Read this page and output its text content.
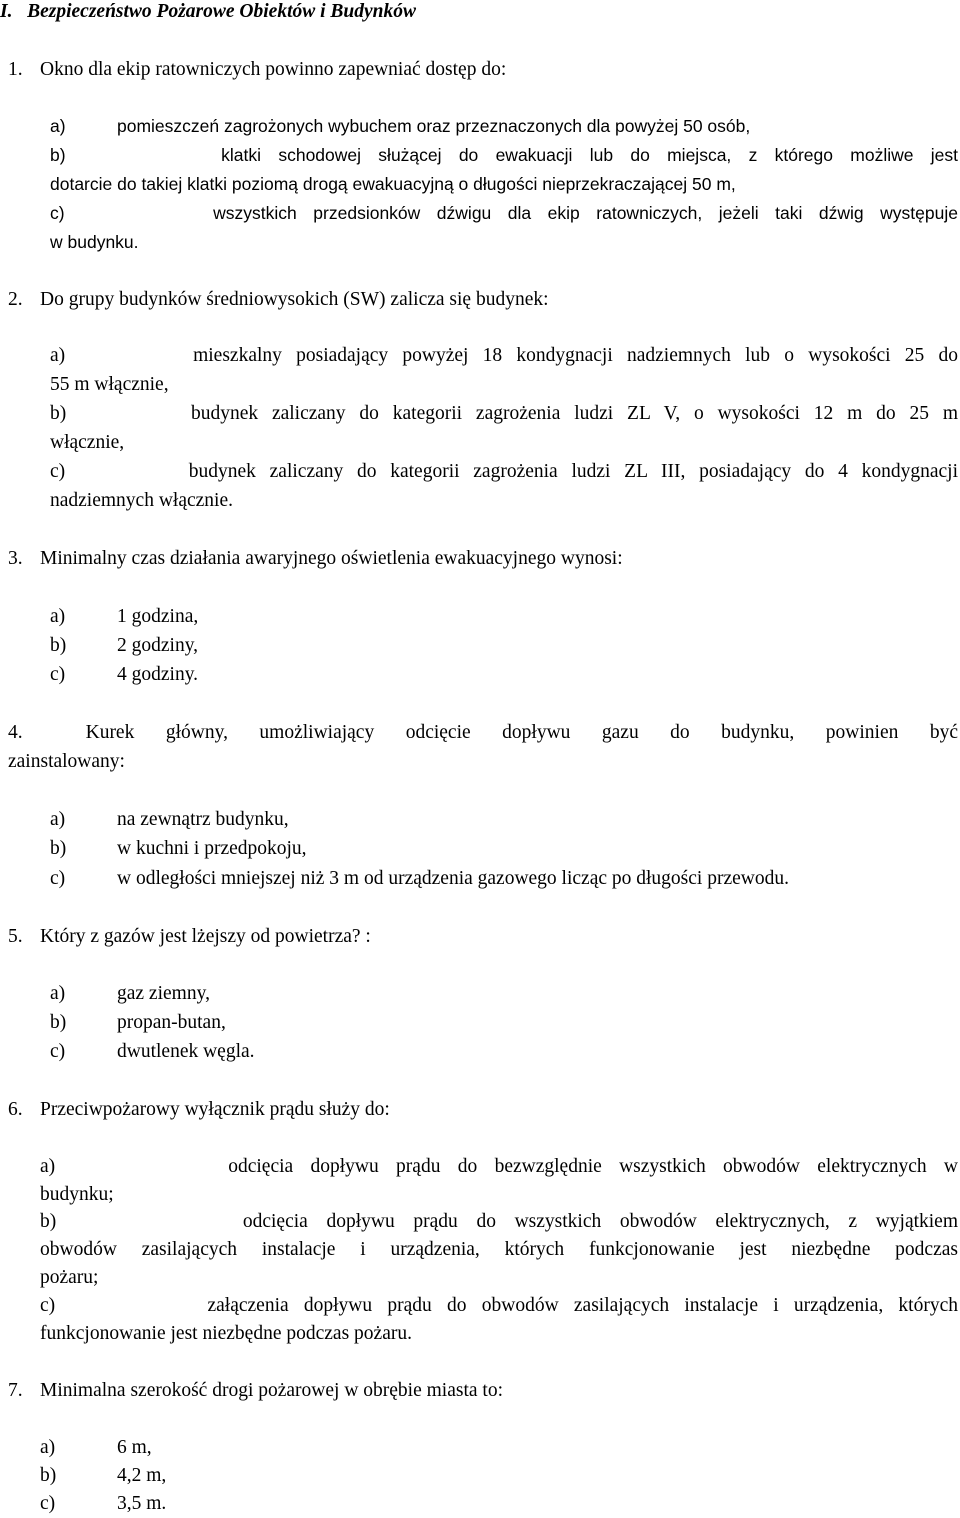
I. Bezpieczeństwo Pożarowe Obiektów i Budynków
1. Okno dla ekip ratowniczych powinno zapewniać dostęp do:
a)	pomieszczeń zagrożonych wybuchem oraz przeznaczonych dla powyżej 50 osób,
b)	klatki schodowej służącej do ewakuacji lub do miejsca, z którego możliwe jest
dotarcie do takiej klatki poziomą drogą ewakuacyjną o długości nieprzekraczającej 50 m,
c)	wszystkich przedsionków dźwigu dla ekip ratowniczych, jeżeli taki dźwig występuje
w budynku.
2. Do grupy budynków średniowysokich (SW) zalicza się budynek:
a)	mieszkalny posiadający powyżej 18 kondygnacji nadziemnych lub o wysokości 25 do
55 m włącznie,
b)	budynek zaliczany do kategorii zagrożenia ludzi ZL V, o wysokości 12 m do 25 m
włącznie,
c)	budynek zaliczany do kategorii zagrożenia ludzi ZL III, posiadający do 4 kondygnacji
nadziemnych włącznie.
3. Minimalny czas działania awaryjnego oświetlenia ewakuacyjnego wynosi:
a)	1 godzina,
b)	2 godziny,
c)	4 godziny.
4.	Kurek główny, umożliwiający odcięcie dopływu gazu do budynku, powinien być
zainstalowany:
a)	na zewnątrz budynku,
b)	w kuchni i przedpokoju,
c)	w odległości mniejszej niż 3 m od urządzenia gazowego licząc po długości przewodu.
5. Który z gazów jest lżejszy od powietrza? :
a)	gaz ziemny,
b)	propan-butan,
c)	dwutlenek węgla.
6. Przeciwpożarowy wyłącznik prądu służy do:
a)	odcięcia dopływu prądu do bezwzględnie wszystkich obwodów elektrycznych w
budynku;
b)	odcięcia dopływu prądu do wszystkich obwodów elektrycznych, z wyjątkiem
obwodów zasilających instalacje i urządzenia, których funkcjonowanie jest niezbędne podczas
pożaru;
c)	załączenia dopływu prądu do obwodów zasilających instalacje i urządzenia, których
funkcjonowanie jest niezbędne podczas pożaru.
7. Minimalna szerokość drogi pożarowej w obrębie miasta to:
a)	6 m,
b)	4,2 m,
c)	3,5 m.
